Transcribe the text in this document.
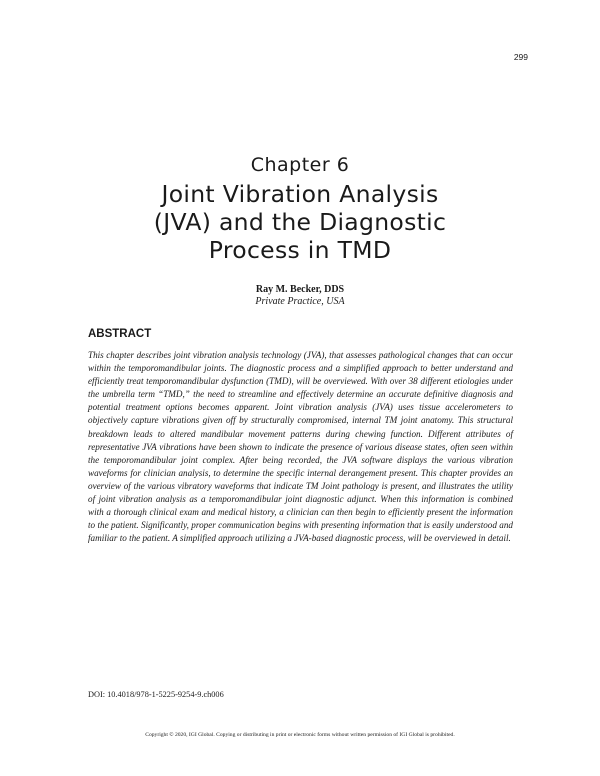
299
Chapter 6
Joint Vibration Analysis
(JVA) and the Diagnostic
Process in TMD
Ray M. Becker, DDS
Private Practice, USA
ABSTRACT

This chapter describes joint vibration analysis technology (JVA), that assesses pathological changes that can occur within the temporomandibular joints. The diagnostic process and a simplified approach to better understand and efficiently treat temporomandibular dysfunction (TMD), will be overviewed. With over 38 different etiologies under the umbrella term “TMD,” the need to streamline and effectively determine an accurate definitive diagnosis and potential treatment options becomes apparent. Joint vibration analysis (JVA) uses tissue accelerometers to objectively capture vibrations given off by structurally compromised, internal TM joint anatomy. This structural breakdown leads to altered mandibular movement patterns during chewing function. Different attributes of representative JVA vibrations have been shown to indicate the presence of various disease states, often seen within the temporomandibular joint complex. After being recorded, the JVA software displays the various vibration waveforms for clinician analysis, to determine the specific internal derangement present. This chapter provides an overview of the various vibratory waveforms that indicate TM Joint pathology is present, and illustrates the utility of joint vibration analysis as a temporomandibular joint diagnostic adjunct. When this information is combined with a thorough clinical exam and medical history, a clinician can then begin to efficiently present the information to the patient. Significantly, proper communication begins with presenting information that is easily understood and familiar to the patient. A simplified approach utilizing a JVA-based diagnostic process, will be overviewed in detail.

DOI: 10.4018/978-1-5225-9254-9.ch006
Copyright © 2020, IGI Global. Copying or distributing in print or electronic forms without written permission of IGI Global is prohibited.
